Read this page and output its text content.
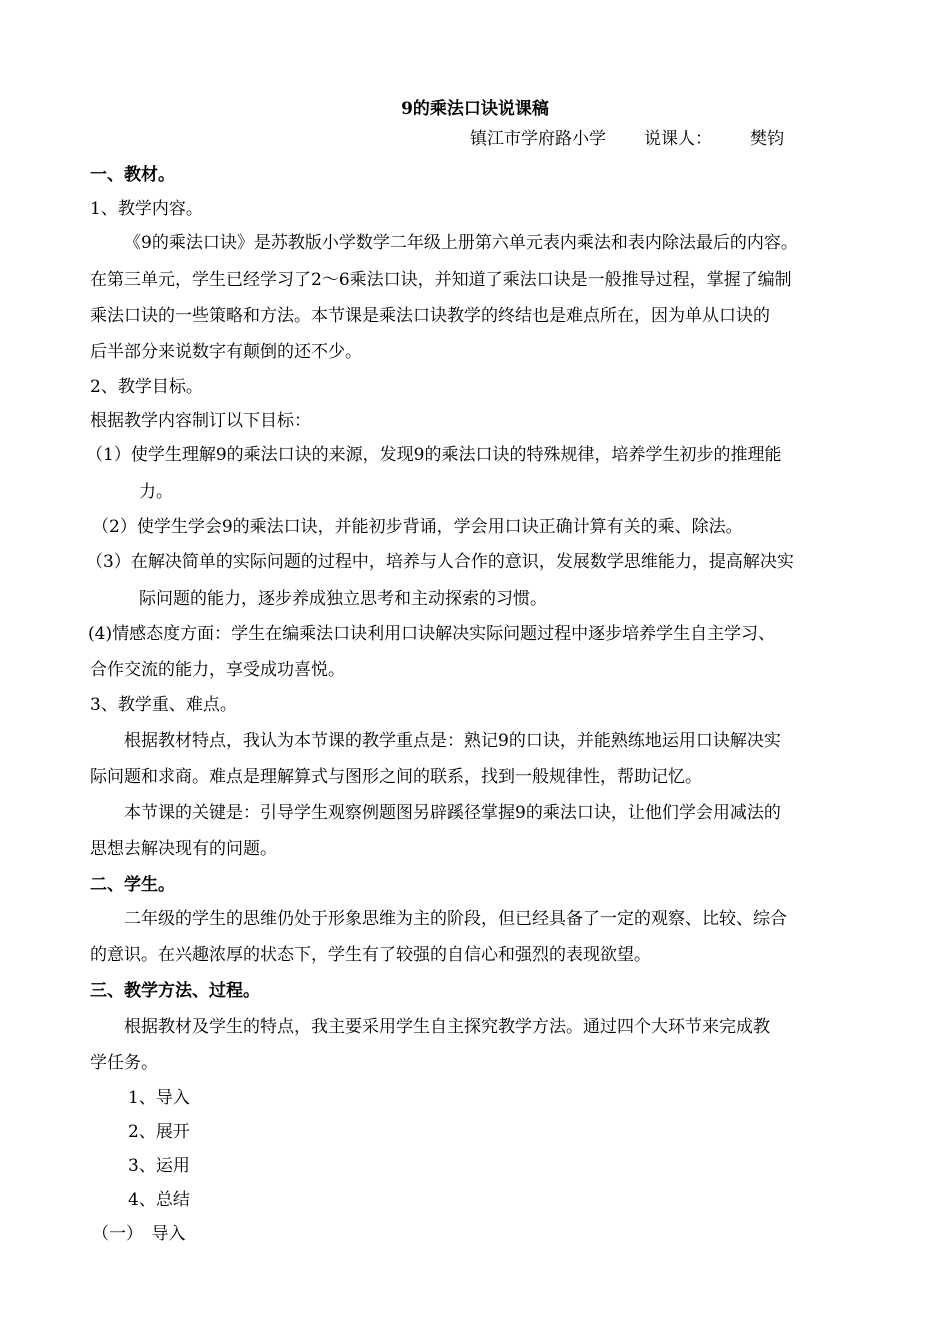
9的乘法口诀说课稿
镇江市学府路小学 说课人： 樊钧
一、教材。
1、教学内容。
《9的乘法口诀》是苏教版小学数学二年级上册第六单元表内乘法和表内除法最后的内容。
在第三单元，学生已经学习了2～6乘法口诀，并知道了乘法口诀是一般推导过程，掌握了编制
乘法口诀的一些策略和方法。本节课是乘法口诀教学的终结也是难点所在，因为单从口诀的
后半部分来说数字有颠倒的还不少。
2、教学目标。
根据教学内容制订以下目标：
（1）使学生理解9的乘法口诀的来源，发现9的乘法口诀的特殊规律，培养学生初步的推理能
力。
（2）使学生学会9的乘法口诀，并能初步背诵，学会用口诀正确计算有关的乘、除法。
（3）在解决简单的实际问题的过程中，培养与人合作的意识，发展数学思维能力，提高解决实
际问题的能力，逐步养成独立思考和主动探索的习惯。
(4)情感态度方面：学生在编乘法口诀利用口诀解决实际问题过程中逐步培养学生自主学习、
合作交流的能力，享受成功喜悦。
3、教学重、难点。
根据教材特点，我认为本节课的教学重点是：熟记9的口诀，并能熟练地运用口诀解决实
际问题和求商。难点是理解算式与图形之间的联系，找到一般规律性，帮助记忆。
本节课的关键是：引导学生观察例题图另辟蹊径掌握9的乘法口诀，让他们学会用减法的
思想去解决现有的问题。
二、学生。
二年级的学生的思维仍处于形象思维为主的阶段，但已经具备了一定的观察、比较、综合
的意识。在兴趣浓厚的状态下，学生有了较强的自信心和强烈的表现欲望。
三、教学方法、过程。
根据教材及学生的特点，我主要采用学生自主探究教学方法。通过四个大环节来完成教
学任务。
1、导入
2、展开
3、运用
4、总结
（一）　导入
